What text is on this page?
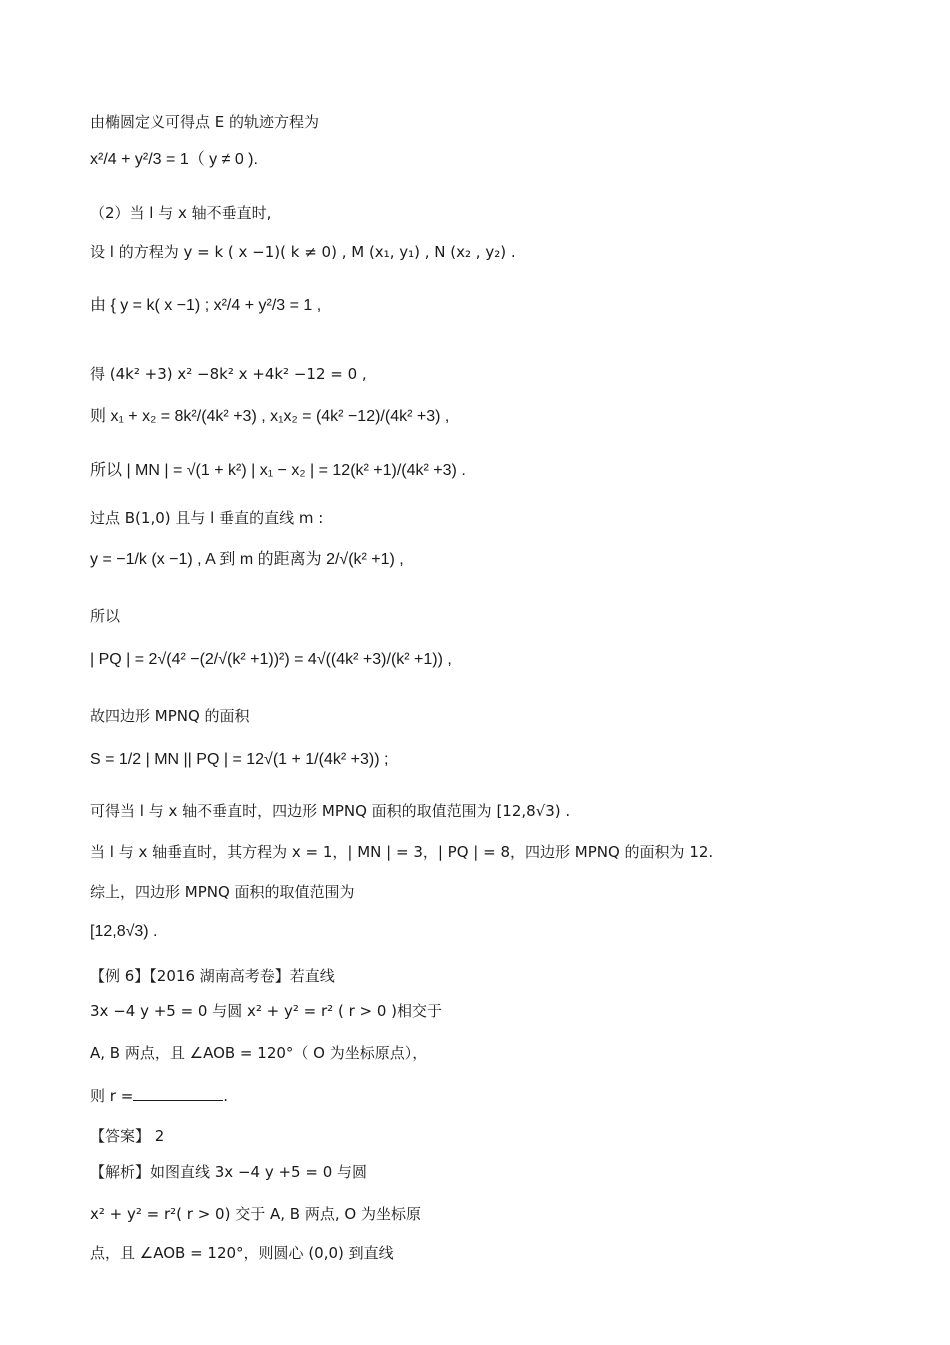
由椭圆定义可得点 E 的轨迹方程为
x²/4 + y²/3 = 1（ y ≠ 0 ).
（2）当 l 与 x 轴不垂直时,
设 l 的方程为 y = k ( x −1)( k ≠ 0) , M (x₁, y₁) , N (x₂ , y₂) .
由 { y = k( x −1) ; x²/4 + y²/3 = 1 ,
得 (4k² +3) x² −8k² x +4k² −12 = 0 ,
则 x₁ + x₂ = 8k²/(4k² +3) , x₁x₂ = (4k² −12)/(4k² +3) ,
所以 | MN | = √(1 + k²) | x₁ − x₂ | = 12(k² +1)/(4k² +3) .
过点 B(1,0) 且与 l 垂直的直线 m :
y = −1/k (x −1) , A 到 m 的距离为 2/√(k² +1) ,
所以
| PQ | = 2√(4² −(2/√(k² +1))²) = 4√((4k² +3)/(k² +1)) ,
故四边形 MPNQ 的面积
S = 1/2 | MN || PQ | = 12√(1 + 1/(4k² +3)) ;
可得当 l 与 x 轴不垂直时，四边形 MPNQ 面积的取值范围为 [12,8√3) .
当 l 与 x 轴垂直时，其方程为 x = 1，| MN | = 3，| PQ | = 8，四边形 MPNQ 的面积为 12.
综上，四边形 MPNQ 面积的取值范围为
[12,8√3) .
【例 6】【2016 湖南高考卷】若直线
3x −4 y +5 = 0 与圆 x² + y² = r² ( r > 0 )相交于
A, B 两点，且 ∠AOB = 120°（ O 为坐标原点），
则 r =	.
【答案】 2
【解析】如图直线 3x −4 y +5 = 0 与圆
x² + y² = r²( r > 0) 交于 A, B 两点, O 为坐标原
点，且 ∠AOB = 120°，则圆心 (0,0) 到直线
